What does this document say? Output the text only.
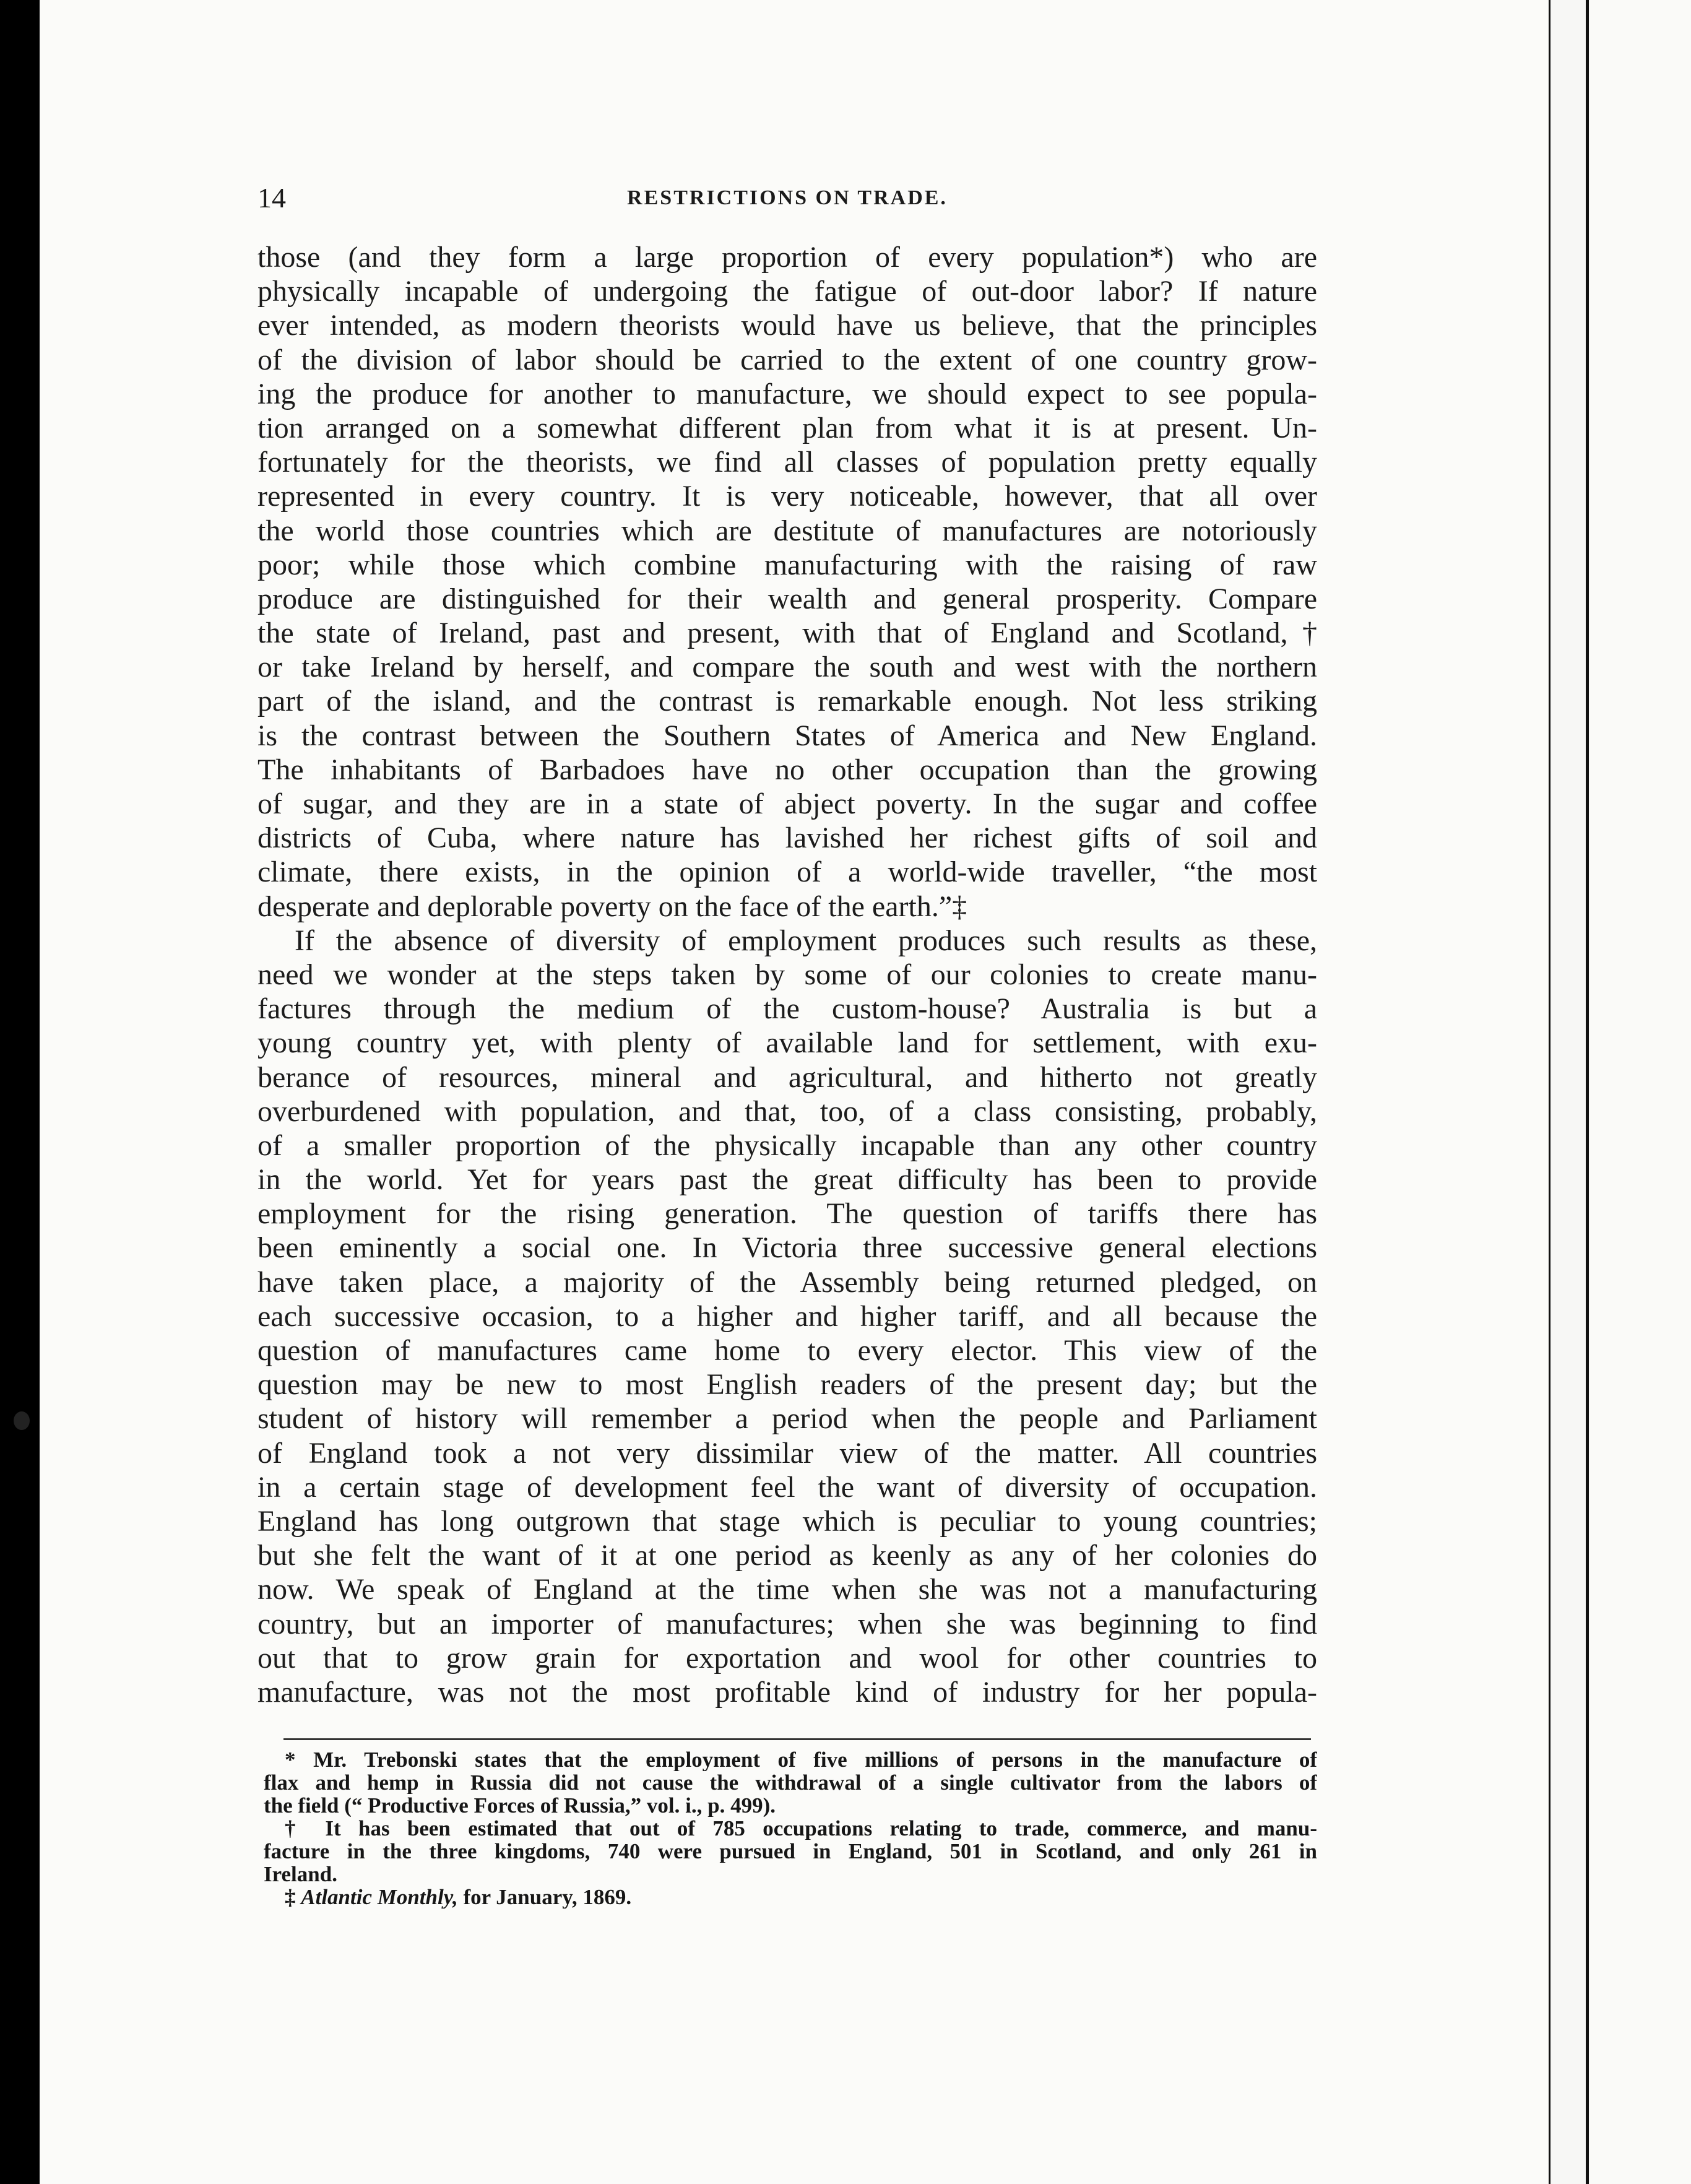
14	RESTRICTIONS ON TRADE.
those (and they form a large proportion of every population*) who are
physically incapable of undergoing the fatigue of out-door labor? If nature
ever intended, as modern theorists would have us believe, that the principles
of the division of labor should be carried to the extent of one country grow-
ing the produce for another to manufacture, we should expect to see popula-
tion arranged on a somewhat different plan from what it is at present. Un-
fortunately for the theorists, we find all classes of population pretty equally
represented in every country. It is very noticeable, however, that all over
the world those countries which are destitute of manufactures are notoriously
poor; while those which combine manufacturing with the raising of raw
produce are distinguished for their wealth and general prosperity. Compare
the state of Ireland, past and present, with that of England and Scotland,†
or take Ireland by herself, and compare the south and west with the northern
part of the island, and the contrast is remarkable enough. Not less striking
is the contrast between the Southern States of America and New England.
The inhabitants of Barbadoes have no other occupation than the growing
of sugar, and they are in a state of abject poverty. In the sugar and coffee
districts of Cuba, where nature has lavished her richest gifts of soil and
climate, there exists, in the opinion of a world-wide traveller, “the most
desperate and deplorable poverty on the face of the earth.”‡
If the absence of diversity of employment produces such results as these,
need we wonder at the steps taken by some of our colonies to create manu-
factures through the medium of the custom-house? Australia is but a
young country yet, with plenty of available land for settlement, with exu-
berance of resources, mineral and agricultural, and hitherto not greatly
overburdened with population, and that, too, of a class consisting, probably,
of a smaller proportion of the physically incapable than any other country
in the world. Yet for years past the great difficulty has been to provide
employment for the rising generation. The question of tariffs there has
been eminently a social one. In Victoria three successive general elections
have taken place, a majority of the Assembly being returned pledged, on
each successive occasion, to a higher and higher tariff, and all because the
question of manufactures came home to every elector. This view of the
question may be new to most English readers of the present day; but the
student of history will remember a period when the people and Parliament
of England took a not very dissimilar view of the matter. All countries
in a certain stage of development feel the want of diversity of occupation.
England has long outgrown that stage which is peculiar to young countries;
but she felt the want of it at one period as keenly as any of her colonies do
now. We speak of England at the time when she was not a manufacturing
country, but an importer of manufactures; when she was beginning to find
out that to grow grain for exportation and wool for other countries to
manufacture, was not the most profitable kind of industry for her popula-
* Mr. Trebonski states that the employment of five millions of persons in the manufacture of
flax and hemp in Russia did not cause the withdrawal of a single cultivator from the labors of
the field (“ Productive Forces of Russia,” vol. i., p. 499).
† It has been estimated that out of 785 occupations relating to trade, commerce, and manu-
facture in the three kingdoms, 740 were pursued in England, 501 in Scotland, and only 261 in
Ireland.
‡ Atlantic Monthly, for January, 1869.
